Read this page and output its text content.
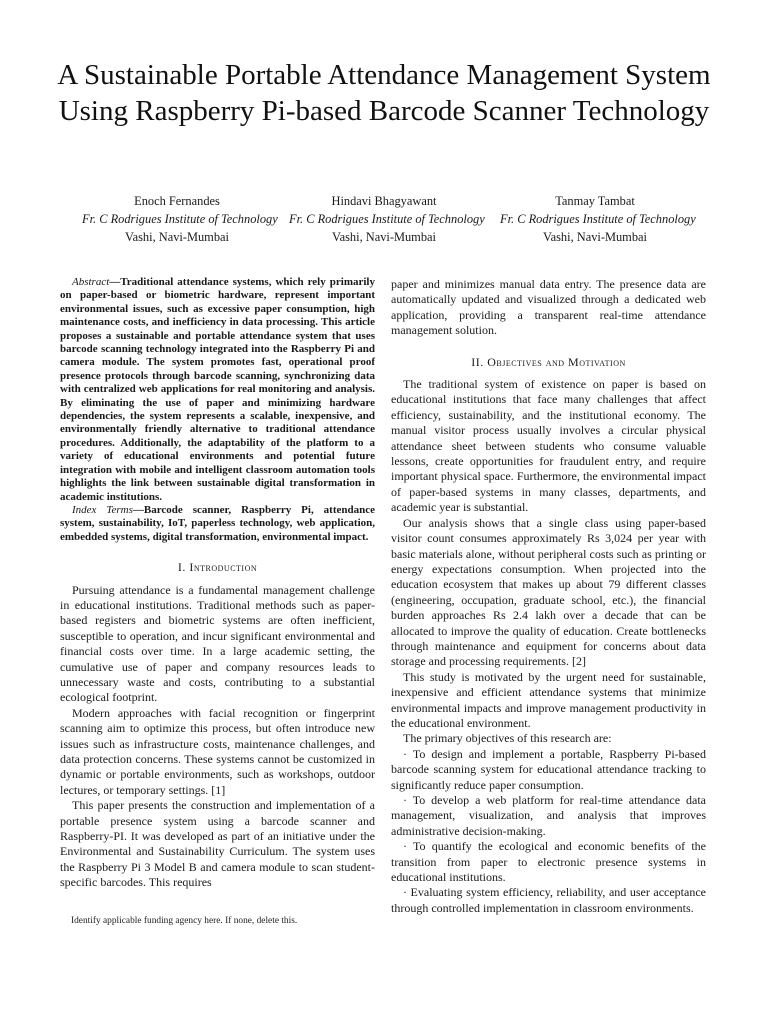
A Sustainable Portable Attendance Management System Using Raspberry Pi-based Barcode Scanner Technology
Enoch Fernandes
Fr. C Rodrigues Institute of Technology
Vashi, Navi-Mumbai
Hindavi Bhagyawant
Fr. C Rodrigues Institute of Technology
Vashi, Navi-Mumbai
Tanmay Tambat
Fr. C Rodrigues Institute of Technology
Vashi, Navi-Mumbai

Abstract—Traditional attendance systems, which rely primarily on paper-based or biometric hardware, represent important environmental issues, such as excessive paper consumption, high maintenance costs, and inefficiency in data processing. This article proposes a sustainable and portable attendance system that uses barcode scanning technology integrated into the Raspberry Pi and camera module. The system promotes fast, operational proof presence protocols through barcode scanning, synchronizing data with centralized web applications for real monitoring and analysis. By eliminating the use of paper and minimizing hardware dependencies, the system represents a scalable, inexpensive, and environmentally friendly alternative to traditional attendance procedures. Additionally, the adaptability of the platform to a variety of educational environments and potential future integration with mobile and intelligent classroom automation tools highlights the link between sustainable digital transformation in academic institutions.

Index Terms—Barcode scanner, Raspberry Pi, attendance system, sustainability, IoT, paperless technology, web application, embedded systems, digital transformation, environmental impact.

I. Introduction

Pursuing attendance is a fundamental management challenge in educational institutions. Traditional methods such as paper-based registers and biometric systems are often inefficient, susceptible to operation, and incur significant environmental and financial costs over time. In a large academic setting, the cumulative use of paper and company resources leads to unnecessary waste and costs, contributing to a substantial ecological footprint.

Modern approaches with facial recognition or fingerprint scanning aim to optimize this process, but often introduce new issues such as infrastructure costs, maintenance challenges, and data protection concerns. These systems cannot be customized in dynamic or portable environments, such as workshops, outdoor lectures, or temporary settings. [1]

This paper presents the construction and implementation of a portable presence system using a barcode scanner and Raspberry-PI. It was developed as part of an initiative under the Environmental and Sustainability Curriculum. The system uses the Raspberry Pi 3 Model B and camera module to scan student-specific barcodes. This requires

paper and minimizes manual data entry. The presence data are automatically updated and visualized through a dedicated web application, providing a transparent real-time attendance management solution.

II. Objectives and Motivation

The traditional system of existence on paper is based on educational institutions that face many challenges that affect efficiency, sustainability, and the institutional economy. The manual visitor process usually involves a circular physical attendance sheet between students who consume valuable lessons, create opportunities for fraudulent entry, and require important physical space. Furthermore, the environmental impact of paper-based systems in many classes, departments, and academic year is substantial.

Our analysis shows that a single class using paper-based visitor count consumes approximately Rs 3,024 per year with basic materials alone, without peripheral costs such as printing or energy expectations consumption. When projected into the education ecosystem that makes up about 79 different classes (engineering, occupation, graduate school, etc.), the financial burden approaches Rs 2.4 lakh over a decade that can be allocated to improve the quality of education. Create bottlenecks through maintenance and equipment for concerns about data storage and processing requirements. [2]

This study is motivated by the urgent need for sustainable, inexpensive and efficient attendance systems that minimize environmental impacts and improve management productivity in the educational environment.

The primary objectives of this research are:

· To design and implement a portable, Raspberry Pi-based barcode scanning system for educational attendance tracking to significantly reduce paper consumption.

· To develop a web platform for real-time attendance data management, visualization, and analysis that improves administrative decision-making.

· To quantify the ecological and economic benefits of the transition from paper to electronic presence systems in educational institutions.

· Evaluating system efficiency, reliability, and user acceptance through controlled implementation in classroom environments.

Identify applicable funding agency here. If none, delete this.
